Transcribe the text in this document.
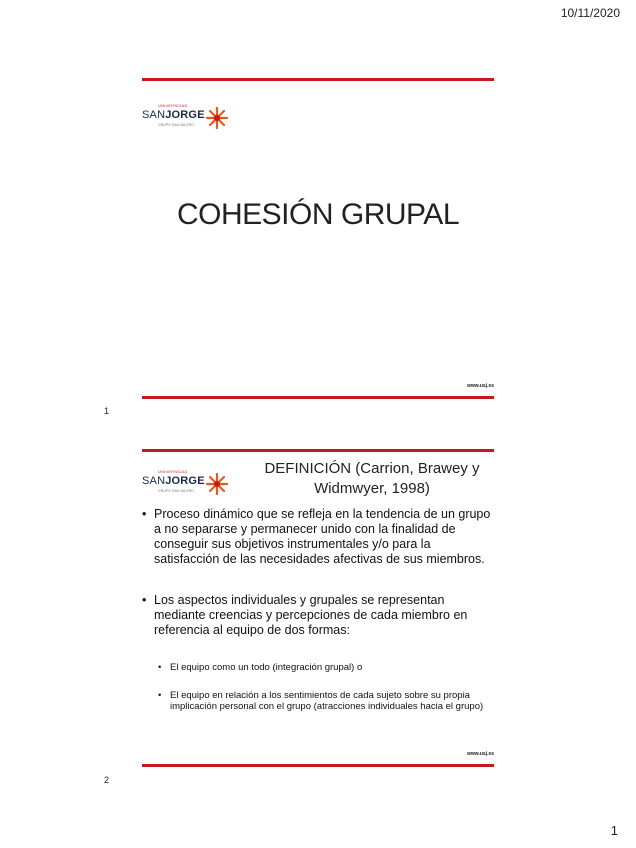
10/11/2020
UNIVERSIDAD
SANJORGE
GRUPO SAN VALERO
COHESIÓN GRUPAL
www.usj.es
1
UNIVERSIDAD
SANJORGE
GRUPO SAN VALERO
DEFINICIÓN (Carrion, Brawey y Widmwyer, 1998)
• Proceso dinámico que se refleja en la tendencia de un grupo a no separarse y permanecer unido con la finalidad de conseguir sus objetivos instrumentales y/o para la satisfacción de las necesidades afectivas de sus miembros.
• Los aspectos individuales y grupales se representan mediante creencias y percepciones de cada miembro en referencia al equipo de dos formas:
• El equipo como un todo (integración grupal) o
• El equipo en relación a los sentimientos de cada sujeto sobre su propia implicación personal con el grupo (atracciones individuales hacia el grupo)
www.usj.es
2
1
